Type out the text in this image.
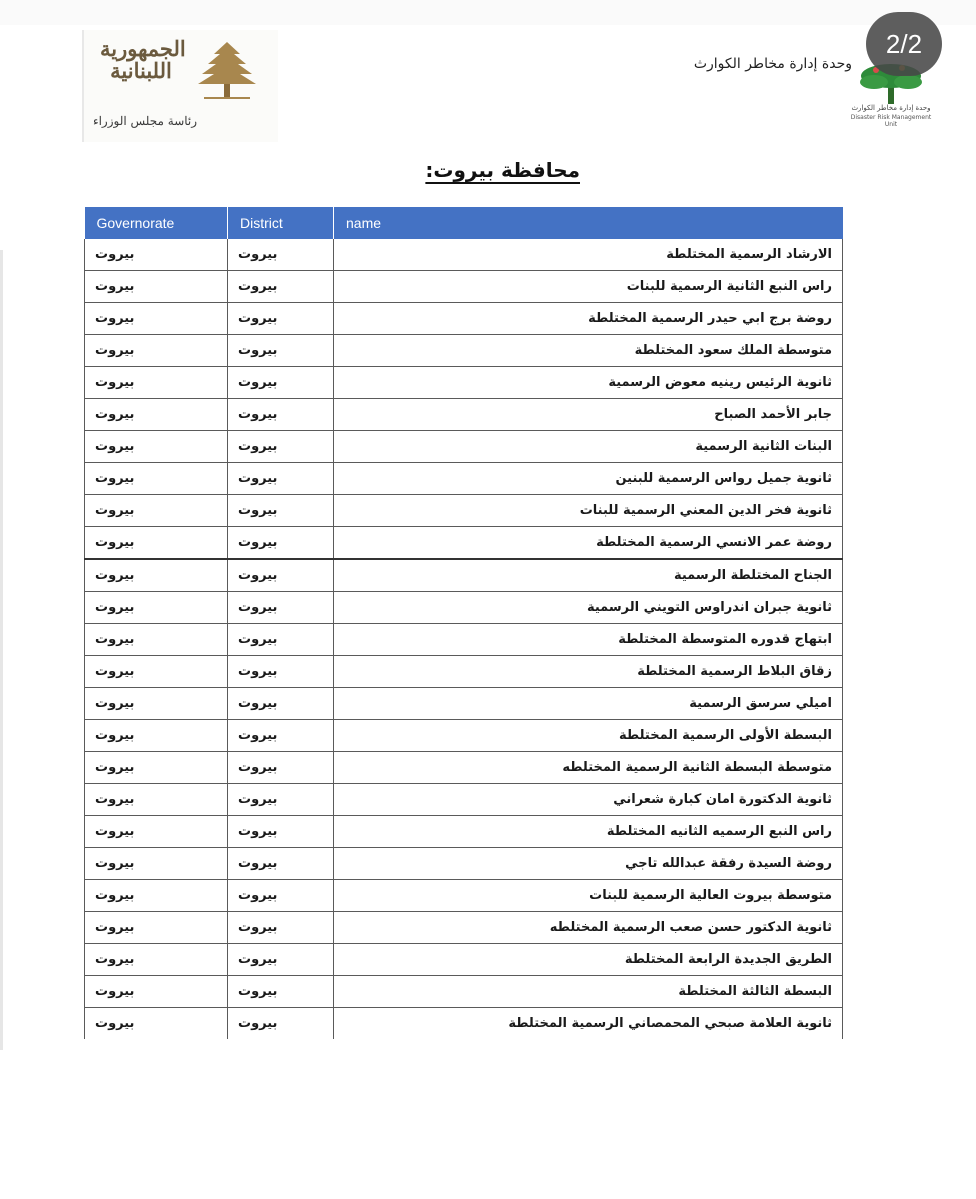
الجمهورية
اللبنانية
رئاسة مجلس الوزراء
وحدة إدارة مخاطر الكوارث
وحدة إدارة مخاطر الكوارث
Disaster Risk Management Unit
2/2
محافظة بيروت:
Governorate	District	name
بيروت	بيروت	الارشاد الرسمية المختلطة
بيروت	بيروت	راس النبع الثانية الرسمية للبنات
بيروت	بيروت	روضة برج ابي حيدر الرسمية المختلطة
بيروت	بيروت	متوسطة الملك سعود المختلطة
بيروت	بيروت	ثانوية الرئيس رينيه معوض الرسمية
بيروت	بيروت	جابر الأحمد الصباح
بيروت	بيروت	البنات الثانية الرسمية
بيروت	بيروت	ثانوية جميل رواس الرسمية للبنين
بيروت	بيروت	ثانوية فخر الدين المعني الرسمية للبنات
بيروت	بيروت	روضة عمر الانسي الرسمية المختلطة
بيروت	بيروت	الجناح المختلطة الرسمية
بيروت	بيروت	ثانوية جبران اندراوس التويني الرسمية
بيروت	بيروت	ابتهاج قدوره المتوسطة المختلطة
بيروت	بيروت	زقاق البلاط الرسمية المختلطة
بيروت	بيروت	اميلي سرسق الرسمية
بيروت	بيروت	البسطة الأولى الرسمية المختلطة
بيروت	بيروت	متوسطة البسطة الثانية الرسمية المختلطه
بيروت	بيروت	ثانوية الدكتورة امان كبارة شعراني
بيروت	بيروت	راس النبع الرسميه الثانيه المختلطة
بيروت	بيروت	روضة السيدة رفقة عبدالله تاجي
بيروت	بيروت	متوسطة بيروت العالية الرسمية للبنات
بيروت	بيروت	ثانوية الدكتور حسن صعب الرسمية المختلطه
بيروت	بيروت	الطريق الجديدة الرابعة المختلطة
بيروت	بيروت	البسطة الثالثة المختلطة
بيروت	بيروت	ثانوية العلامة صبحي المحمصاني الرسمية المختلطة
